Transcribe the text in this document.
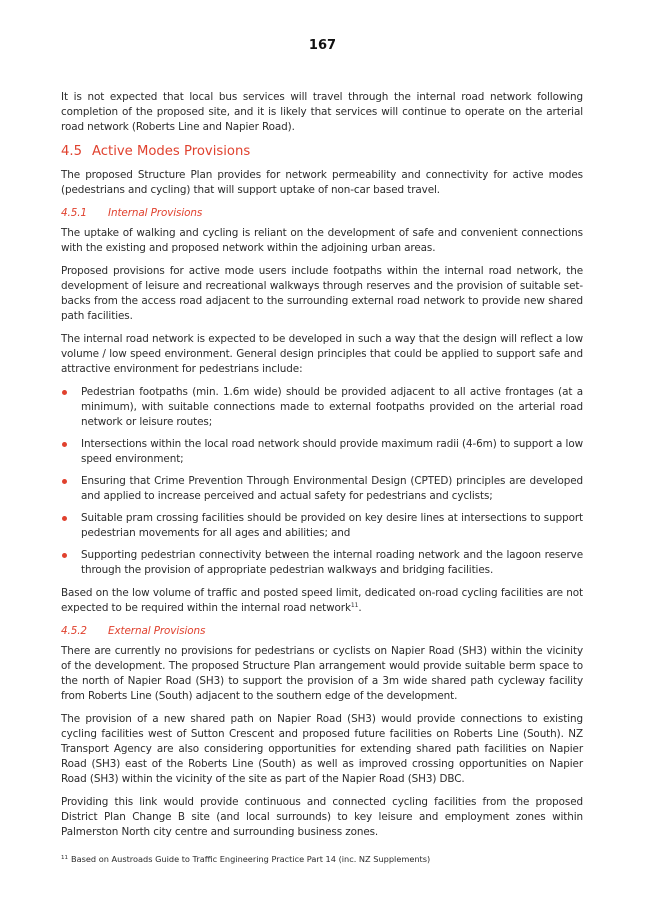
167

It is not expected that local bus services will travel through the internal road network following completion of the proposed site, and it is likely that services will continue to operate on the arterial road network (Roberts Line and Napier Road).

4.5 Active Modes Provisions

The proposed Structure Plan provides for network permeability and connectivity for active modes (pedestrians and cycling) that will support uptake of non-car based travel.

4.5.1 Internal Provisions

The uptake of walking and cycling is reliant on the development of safe and convenient connections with the existing and proposed network within the adjoining urban areas.

Proposed provisions for active mode users include footpaths within the internal road network, the development of leisure and recreational walkways through reserves and the provision of suitable set-backs from the access road adjacent to the surrounding external road network to provide new shared path facilities.

The internal road network is expected to be developed in such a way that the design will reflect a low volume / low speed environment. General design principles that could be applied to support safe and attractive environment for pedestrians include:

Pedestrian footpaths (min. 1.6m wide) should be provided adjacent to all active frontages (at a minimum), with suitable connections made to external footpaths provided on the arterial road network or leisure routes;
Intersections within the local road network should provide maximum radii (4-6m) to support a low speed environment;
Ensuring that Crime Prevention Through Environmental Design (CPTED) principles are developed and applied to increase perceived and actual safety for pedestrians and cyclists;
Suitable pram crossing facilities should be provided on key desire lines at intersections to support pedestrian movements for all ages and abilities; and
Supporting pedestrian connectivity between the internal roading network and the lagoon reserve through the provision of appropriate pedestrian walkways and bridging facilities.

Based on the low volume of traffic and posted speed limit, dedicated on-road cycling facilities are not expected to be required within the internal road network$^{11}$.

4.5.2 External Provisions

There are currently no provisions for pedestrians or cyclists on Napier Road (SH3) within the vicinity of the development. The proposed Structure Plan arrangement would provide suitable berm space to the north of Napier Road (SH3) to support the provision of a 3m wide shared path cycleway facility from Roberts Line (South) adjacent to the southern edge of the development.

The provision of a new shared path on Napier Road (SH3) would provide connections to existing cycling facilities west of Sutton Crescent and proposed future facilities on Roberts Line (South). NZ Transport Agency are also considering opportunities for extending shared path facilities on Napier Road (SH3) east of the Roberts Line (South) as well as improved crossing opportunities on Napier Road (SH3) within the vicinity of the site as part of the Napier Road (SH3) DBC.

Providing this link would provide continuous and connected cycling facilities from the proposed District Plan Change B site (and local surrounds) to key leisure and employment zones within Palmerston North city centre and surrounding business zones.

$^{11}$ Based on Austroads Guide to Traffic Engineering Practice Part 14 (inc. NZ Supplements)
